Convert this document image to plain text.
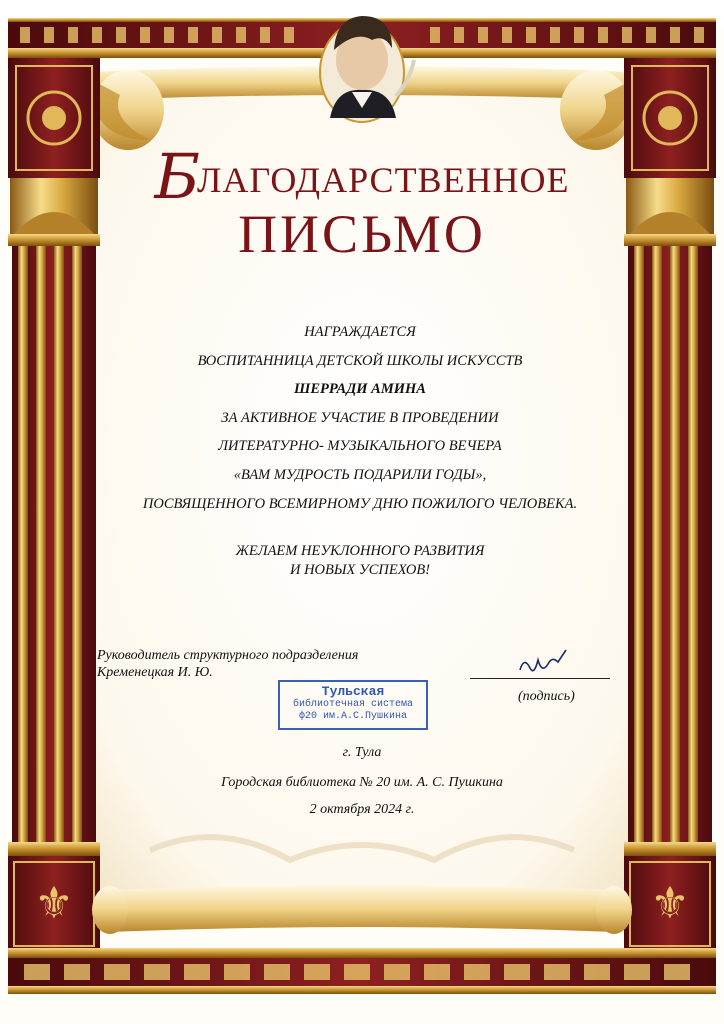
⚜	⚜
БЛАГОДАРСТВЕННОЕ
ПИСЬМО
НАГРАЖДАЕТСЯ
ВОСПИТАННИЦА ДЕТСКОЙ ШКОЛЫ ИСКУССТВ
ШЕРРАДИ АМИНА
ЗА АКТИВНОЕ УЧАСТИЕ В ПРОВЕДЕНИИ
ЛИТЕРАТУРНО- МУЗЫКАЛЬНОГО ВЕЧЕРА
«ВАМ МУДРОСТЬ ПОДАРИЛИ ГОДЫ»,
ПОСВЯЩЕННОГО ВСЕМИРНОМУ ДНЮ ПОЖИЛОГО ЧЕЛОВЕКА.
ЖЕЛАЕМ НЕУКЛОННОГО РАЗВИТИЯ
И НОВЫХ УСПЕХОВ!
Руководитель структурного подразделения
Кременецкая И. Ю.
(подпись)
Тульская
библиотечная система
ф20 им.А.С.Пушкина
г. Тула
Городская библиотека № 20 им. А. С. Пушкина
2 октября 2024 г.
